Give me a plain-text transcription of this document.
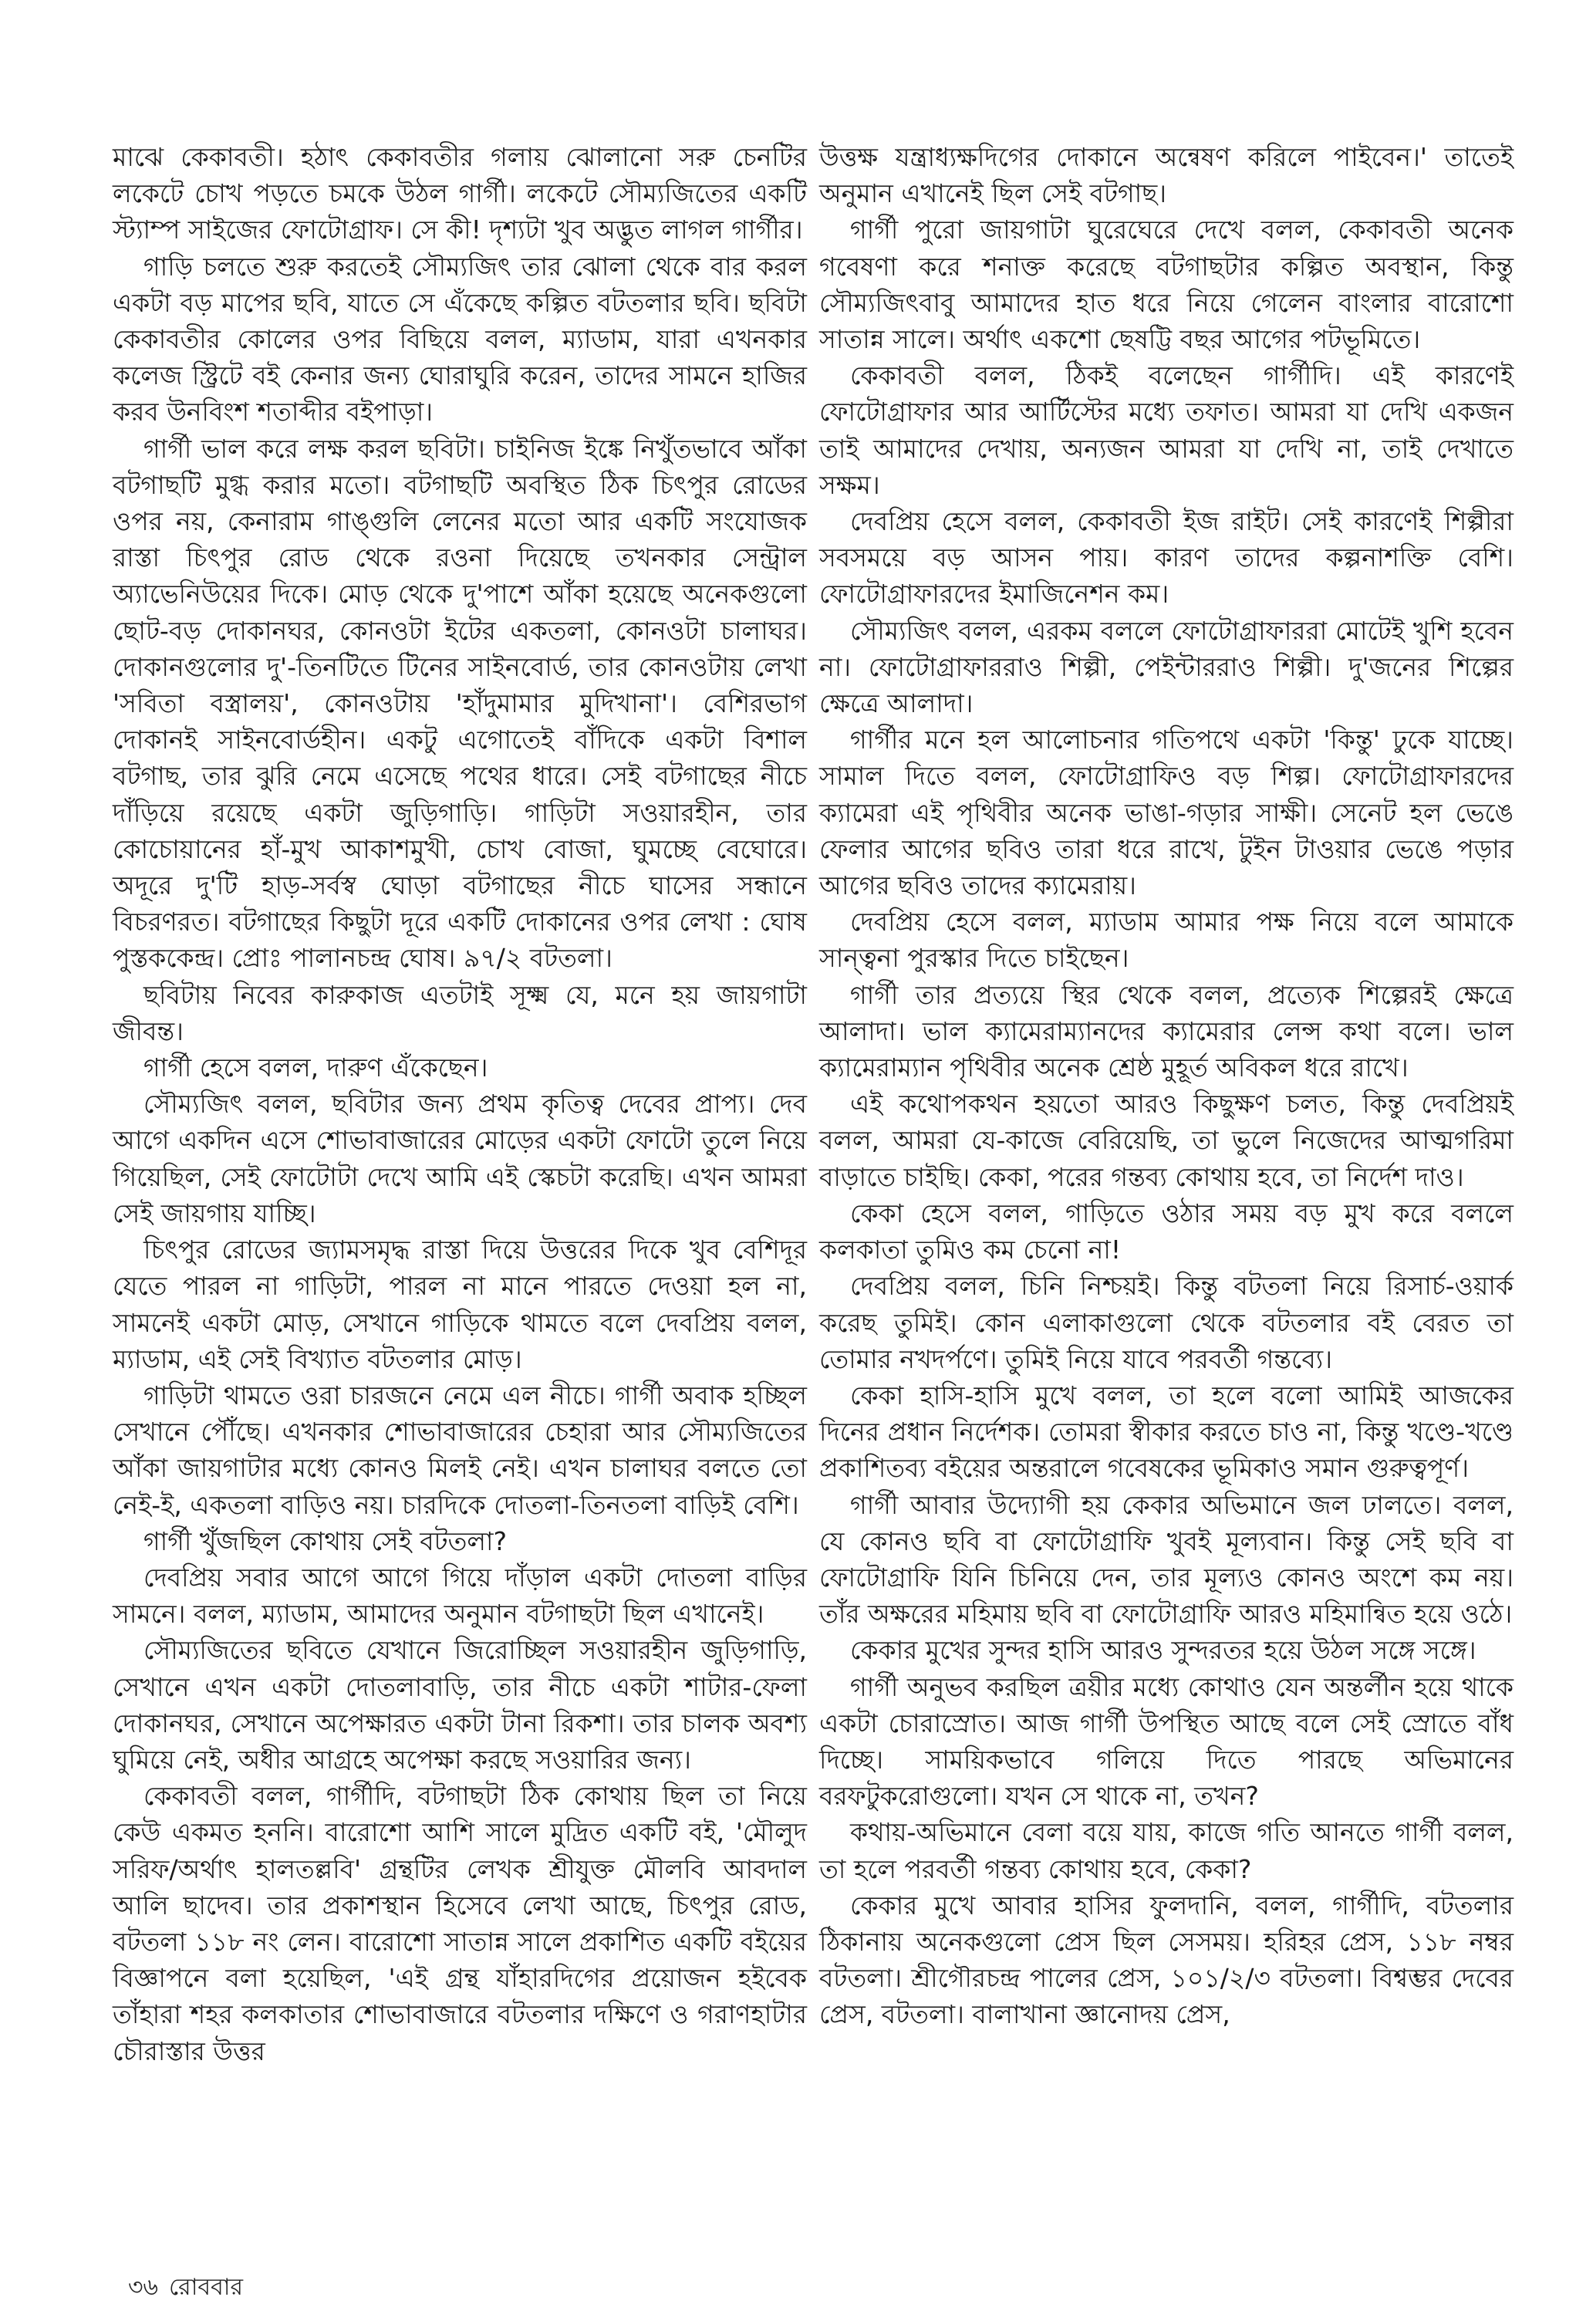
মাঝে কেকাবতী। হঠাৎ কেকাবতীর গলায় ঝোলানো সরু চেনটির লকেটে চোখ পড়তে চমকে উঠল গার্গী। লকেটে সৌম্যজিতের একটি স্ট্যাম্প সাইজের ফোটোগ্রাফ। সে কী! দৃশ্যটা খুব অদ্ভুত লাগল গার্গীর।

গাড়ি চলতে শুরু করতেই সৌম্যজিৎ তার ঝোলা থেকে বার করল একটা বড় মাপের ছবি, যাতে সে এঁকেছে কল্পিত বটতলার ছবি। ছবিটা কেকাবতীর কোলের ওপর বিছিয়ে বলল, ম্যাডাম, যারা এখনকার কলেজ স্ট্রিটে বই কেনার জন্য ঘোরাঘুরি করেন, তাদের সামনে হাজির করব উনবিংশ শতাব্দীর বইপাড়া।

গার্গী ভাল করে লক্ষ করল ছবিটা। চাইনিজ ইঙ্কে নিখুঁতভাবে আঁকা বটগাছটি মুগ্ধ করার মতো। বটগাছটি অবস্থিত ঠিক চিৎপুর রোডের ওপর নয়, কেনারাম গাঙ্গুলি লেনের মতো আর একটি সংযোজক রাস্তা চিৎপুর রোড থেকে রওনা দিয়েছে তখনকার সেন্ট্রাল অ্যাভেনিউয়ের দিকে। মোড় থেকে দু'পাশে আঁকা হয়েছে অনেকগুলো ছোট-বড় দোকানঘর, কোনওটা ইটের একতলা, কোনওটা চালাঘর। দোকানগুলোর দু'-তিনটিতে টিনের সাইনবোর্ড, তার কোনওটায় লেখা 'সবিতা বস্ত্রালয়', কোনওটায় 'হাঁদুমামার মুদিখানা'। বেশিরভাগ দোকানই সাইনবোর্ডহীন। একটু এগোতেই বাঁদিকে একটা বিশাল বটগাছ, তার ঝুরি নেমে এসেছে পথের ধারে। সেই বটগাছের নীচে দাঁড়িয়ে রয়েছে একটা জুড়িগাড়ি। গাড়িটা সওয়ারহীন, তার কোচোয়ানের হাঁ-মুখ আকাশমুখী, চোখ বোজা, ঘুমচ্ছে বেঘোরে। অদূরে দু'টি হাড়-সর্বস্ব ঘোড়া বটগাছের নীচে ঘাসের সন্ধানে বিচরণরত। বটগাছের কিছুটা দূরে একটি দোকানের ওপর লেখা : ঘোষ পুস্তককেন্দ্র। প্রোঃ পালানচন্দ্র ঘোষ। ৯৭/২ বটতলা।

ছবিটায় নিবের কারুকাজ এতটাই সূক্ষ্ম যে, মনে হয় জায়গাটা জীবন্ত।

গার্গী হেসে বলল, দারুণ এঁকেছেন।

সৌম্যজিৎ বলল, ছবিটার জন্য প্রথম কৃতিত্ব দেবের প্রাপ্য। দেব আগে একদিন এসে শোভাবাজারের মোড়ের একটা ফোটো তুলে নিয়ে গিয়েছিল, সেই ফোটোটা দেখে আমি এই স্কেচটা করেছি। এখন আমরা সেই জায়গায় যাচ্ছি।

চিৎপুর রোডের জ্যামসমৃদ্ধ রাস্তা দিয়ে উত্তরের দিকে খুব বেশিদূর যেতে পারল না গাড়িটা, পারল না মানে পারতে দেওয়া হল না, সামনেই একটা মোড়, সেখানে গাড়িকে থামতে বলে দেবপ্রিয় বলল, ম্যাডাম, এই সেই বিখ্যাত বটতলার মোড়।

গাড়িটা থামতে ওরা চারজনে নেমে এল নীচে। গার্গী অবাক হচ্ছিল সেখানে পৌঁছে। এখনকার শোভাবাজারের চেহারা আর সৌম্যজিতের আঁকা জায়গাটার মধ্যে কোনও মিলই নেই। এখন চালাঘর বলতে তো নেই-ই, একতলা বাড়িও নয়। চারদিকে দোতলা-তিনতলা বাড়িই বেশি।

গার্গী খুঁজছিল কোথায় সেই বটতলা?

দেবপ্রিয় সবার আগে আগে গিয়ে দাঁড়াল একটা দোতলা বাড়ির সামনে। বলল, ম্যাডাম, আমাদের অনুমান বটগাছটা ছিল এখানেই।

সৌম্যজিতের ছবিতে যেখানে জিরোচ্ছিল সওয়ারহীন জুড়িগাড়ি, সেখানে এখন একটা দোতলাবাড়ি, তার নীচে একটা শাটার-ফেলা দোকানঘর, সেখানে অপেক্ষারত একটা টানা রিকশা। তার চালক অবশ্য ঘুমিয়ে নেই, অধীর আগ্রহে অপেক্ষা করছে সওয়ারির জন্য।

কেকাবতী বলল, গার্গীদি, বটগাছটা ঠিক কোথায় ছিল তা নিয়ে কেউ একমত হননি। বারোশো আশি সালে মুদ্রিত একটি বই, 'মৌলুদ সরিফ/অর্থাৎ হালতল্লবি' গ্রন্থটির লেখক শ্রীযুক্ত মৌলবি আবদাল আলি ছাদেব। তার প্রকাশস্থান হিসেবে লেখা আছে, চিৎপুর রোড, বটতলা ১১৮ নং লেন। বারোশো সাতান্ন সালে প্রকাশিত একটি বইয়ের বিজ্ঞাপনে বলা হয়েছিল, 'এই গ্রন্থ যাঁহারদিগের প্রয়োজন হইবেক তাঁহারা শহর কলকাতার শোভাবাজারে বটতলার দক্ষিণে ও গরাণহাটার চৌরাস্তার উত্তর

উত্তক্ষ যন্ত্রাধ্যক্ষদিগের দোকানে অন্বেষণ করিলে পাইবেন।' তাতেই অনুমান এখানেই ছিল সেই বটগাছ।

গার্গী পুরো জায়গাটা ঘুরেঘেরে দেখে বলল, কেকাবতী অনেক গবেষণা করে শনাক্ত করেছে বটগাছটার কল্পিত অবস্থান, কিন্তু সৌম্যজিৎবাবু আমাদের হাত ধরে নিয়ে গেলেন বাংলার বারোশো সাতান্ন সালে। অর্থাৎ একশো ছেষট্টি বছর আগের পটভূমিতে।

কেকাবতী বলল, ঠিকই বলেছেন গার্গীদি। এই কারণেই ফোটোগ্রাফার আর আর্টিস্টের মধ্যে তফাত। আমরা যা দেখি একজন তাই আমাদের দেখায়, অন্যজন আমরা যা দেখি না, তাই দেখাতে সক্ষম।

দেবপ্রিয় হেসে বলল, কেকাবতী ইজ রাইট। সেই কারণেই শিল্পীরা সবসময়ে বড় আসন পায়। কারণ তাদের কল্পনাশক্তি বেশি। ফোটোগ্রাফারদের ইমাজিনেশন কম।

সৌম্যজিৎ বলল, এরকম বললে ফোটোগ্রাফাররা মোটেই খুশি হবেন না। ফোটোগ্রাফাররাও শিল্পী, পেইন্টাররাও শিল্পী। দু'জনের শিল্পের ক্ষেত্রে আলাদা।

গার্গীর মনে হল আলোচনার গতিপথে একটা 'কিন্তু' ঢুকে যাচ্ছে। সামাল দিতে বলল, ফোটোগ্রাফিও বড় শিল্প। ফোটোগ্রাফারদের ক্যামেরা এই পৃথিবীর অনেক ভাঙা-গড়ার সাক্ষী। সেনেট হল ভেঙে ফেলার আগের ছবিও তারা ধরে রাখে, টুইন টাওয়ার ভেঙে পড়ার আগের ছবিও তাদের ক্যামেরায়।

দেবপ্রিয় হেসে বলল, ম্যাডাম আমার পক্ষ নিয়ে বলে আমাকে সান্ত্বনা পুরস্কার দিতে চাইছেন।

গার্গী তার প্রত্যয়ে স্থির থেকে বলল, প্রত্যেক শিল্পেরই ক্ষেত্রে আলাদা। ভাল ক্যামেরাম্যানদের ক্যামেরার লেন্স কথা বলে। ভাল ক্যামেরাম্যান পৃথিবীর অনেক শ্রেষ্ঠ মুহূর্ত অবিকল ধরে রাখে।

এই কথোপকথন হয়তো আরও কিছুক্ষণ চলত, কিন্তু দেবপ্রিয়ই বলল, আমরা যে-কাজে বেরিয়েছি, তা ভুলে নিজেদের আত্মগরিমা বাড়াতে চাইছি। কেকা, পরের গন্তব্য কোথায় হবে, তা নির্দেশ দাও।

কেকা হেসে বলল, গাড়িতে ওঠার সময় বড় মুখ করে বললে কলকাতা তুমিও কম চেনো না!

দেবপ্রিয় বলল, চিনি নিশ্চয়ই। কিন্তু বটতলা নিয়ে রিসার্চ-ওয়ার্ক করেছ তুমিই। কোন এলাকাগুলো থেকে বটতলার বই বেরত তা তোমার নখদর্পণে। তুমিই নিয়ে যাবে পরবর্তী গন্তব্যে।

কেকা হাসি-হাসি মুখে বলল, তা হলে বলো আমিই আজকের দিনের প্রধান নির্দেশক। তোমরা স্বীকার করতে চাও না, কিন্তু খণ্ডে-খণ্ডে প্রকাশিতব্য বইয়ের অন্তরালে গবেষকের ভূমিকাও সমান গুরুত্বপূর্ণ।

গার্গী আবার উদ্যোগী হয় কেকার অভিমানে জল ঢালতে। বলল, যে কোনও ছবি বা ফোটোগ্রাফি খুবই মূল্যবান। কিন্তু সেই ছবি বা ফোটোগ্রাফি যিনি চিনিয়ে দেন, তার মূল্যও কোনও অংশে কম নয়। তাঁর অক্ষরের মহিমায় ছবি বা ফোটোগ্রাফি আরও মহিমান্বিত হয়ে ওঠে।

কেকার মুখের সুন্দর হাসি আরও সুন্দরতর হয়ে উঠল সঙ্গে সঙ্গে।

গার্গী অনুভব করছিল ত্রয়ীর মধ্যে কোথাও যেন অন্তর্লীন হয়ে থাকে একটা চোরাস্রোত। আজ গার্গী উপস্থিত আছে বলে সেই স্রোতে বাঁধ দিচ্ছে। সাময়িকভাবে গলিয়ে দিতে পারছে অভিমানের বরফটুকরোগুলো। যখন সে থাকে না, তখন?

কথায়-অভিমানে বেলা বয়ে যায়, কাজে গতি আনতে গার্গী বলল, তা হলে পরবর্তী গন্তব্য কোথায় হবে, কেকা?

কেকার মুখে আবার হাসির ফুলদানি, বলল, গার্গীদি, বটতলার ঠিকানায় অনেকগুলো প্রেস ছিল সেসময়। হরিহর প্রেস, ১১৮ নম্বর বটতলা। শ্রীগৌরচন্দ্র পালের প্রেস, ১০১/২/৩ বটতলা। বিশ্বম্ভর দেবের প্রেস, বটতলা। বালাখানা জ্ঞানোদয় প্রেস,

৩৬ রোববার
